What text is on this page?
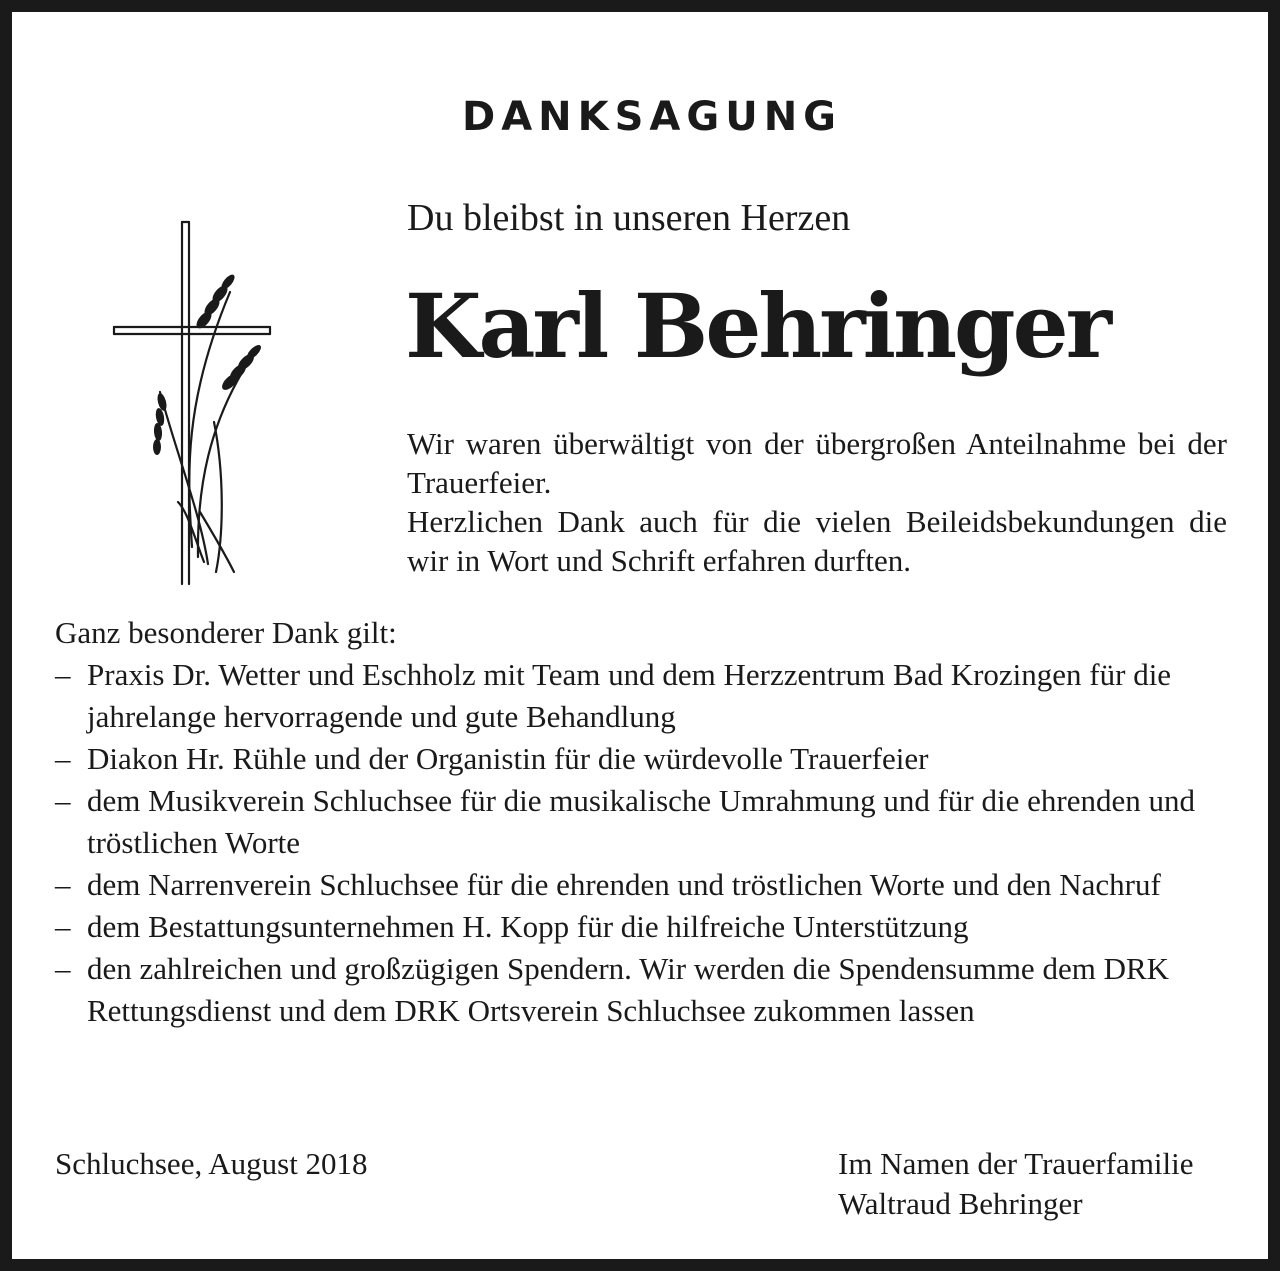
DANKSAGUNG
Du bleibst in unseren Herzen
Karl Behringer

Wir waren überwältigt von der übergroßen Anteilnahme bei der Trauerfeier.

Herzlichen Dank auch für die vielen Beileidsbekundungen die wir in Wort und Schrift erfahren durften.

Ganz besonderer Dank gilt:

– Praxis Dr. Wetter und Eschholz mit Team und dem Herzzentrum Bad Krozingen für die jahrelange hervorragende und gute Behandlung
– Diakon Hr. Rühle und der Organistin für die würdevolle Trauerfeier
– dem Musikverein Schluchsee für die musikalische Umrahmung und für die ehrenden und tröstlichen Worte
– dem Narrenverein Schluchsee für die ehrenden und tröstlichen Worte und den Nachruf
– dem Bestattungsunternehmen H. Kopp für die hilfreiche Unterstützung
– den zahlreichen und großzügigen Spendern. Wir werden die Spendensumme dem DRK Rettungsdienst und dem DRK Ortsverein Schluchsee zukommen lassen
Schluchsee, August 2018	Im Namen der Trauerfamilie
Waltraud Behringer
